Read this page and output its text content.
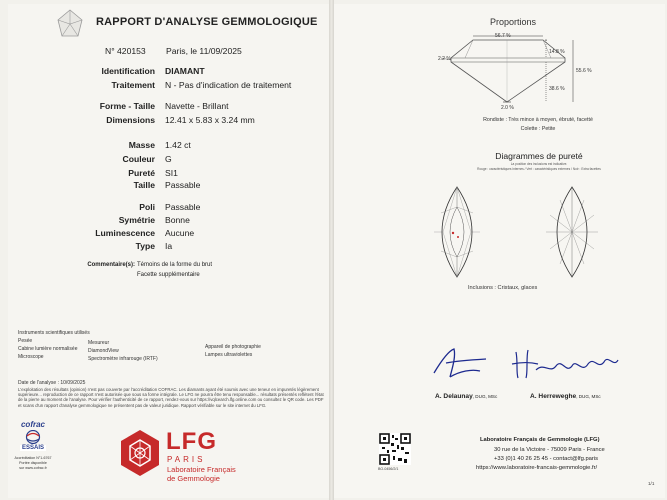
RAPPORT D'ANALYSE GEMMOLOGIQUE
N° 420153 Paris, le 11/09/2025
Identification DIAMANT
Traitement N - Pas d'indication de traitement
Forme - Taille Navette - Brillant
Dimensions 12.41 x 5.83 x 3.24 mm
Masse 1.42 ct
Couleur G
Pureté SI1
Taille Passable
Poli Passable
Symétrie Bonne
Luminescence Aucune
Type Ia
Commentaire(s): Témoins de la forme du brut
Facette supplémentaire
Instruments scientifiques utilisés
Pesée
Cabine lumière normalisée
Microscope
Mesureur
DiamondView
Spectromètre infrarouge (IRTF)
Appareil de photographie
Lampes ultraviolettes
Date de l'analyse : 10/09/2025
L'exploitation des résultats (opinion) n'est pas couverte par l'accréditation COFRAC. Les diamants ayant été soumis avec une teneur en impuretés légèrement supérieure... reproduction de ce rapport n'est autorisée que sous sa forme intégrale. Le LFG ne pourra être tenu responsable... résultats présentés reflètent l'état de la pierre au moment de l'analyse. Pour vérifier l'authenticité de ce rapport, rendez-vous sur https://vqlcearch.lfg.online.com ou consultez le QR code. Les PDF et scans d'un rapport d'analyse gemmologique ne présentent pas de valeur juridique. Rapport vérifiable sur le site internet du LFG.
cofrac
ESSAIS
Accréditation N°1-6767
Portée disponible
sur www.cofrac.fr
LFG
PARIS
Laboratoire Français
de Gemmologie
Proportions
56.7 %
14.8 %
2.2 %
55.6 %
38.6 %
2.0 %
Rondiste : Très mince à moyen, ébruté, facetté
Colette : Petite
Diagrammes de pureté
La position des inclusions est indicative.
Rouge : caractéristiques internes / Vert : caractéristiques externes / Noir : Extra facettes
Inclusions : Cristaux, glaces
A. Delaunay, DUG, MSc	A. Herreweghe, DUG, MSc
BO-0456/2/1
Laboratoire Français de Gemmologie (LFG)
30 rue de la Victoire - 75009 Paris - France
+33 (0)1 40 26 25 45 - contact@lfg.paris
https://www.laboratoire-francais-gemmologie.fr/
1/1
